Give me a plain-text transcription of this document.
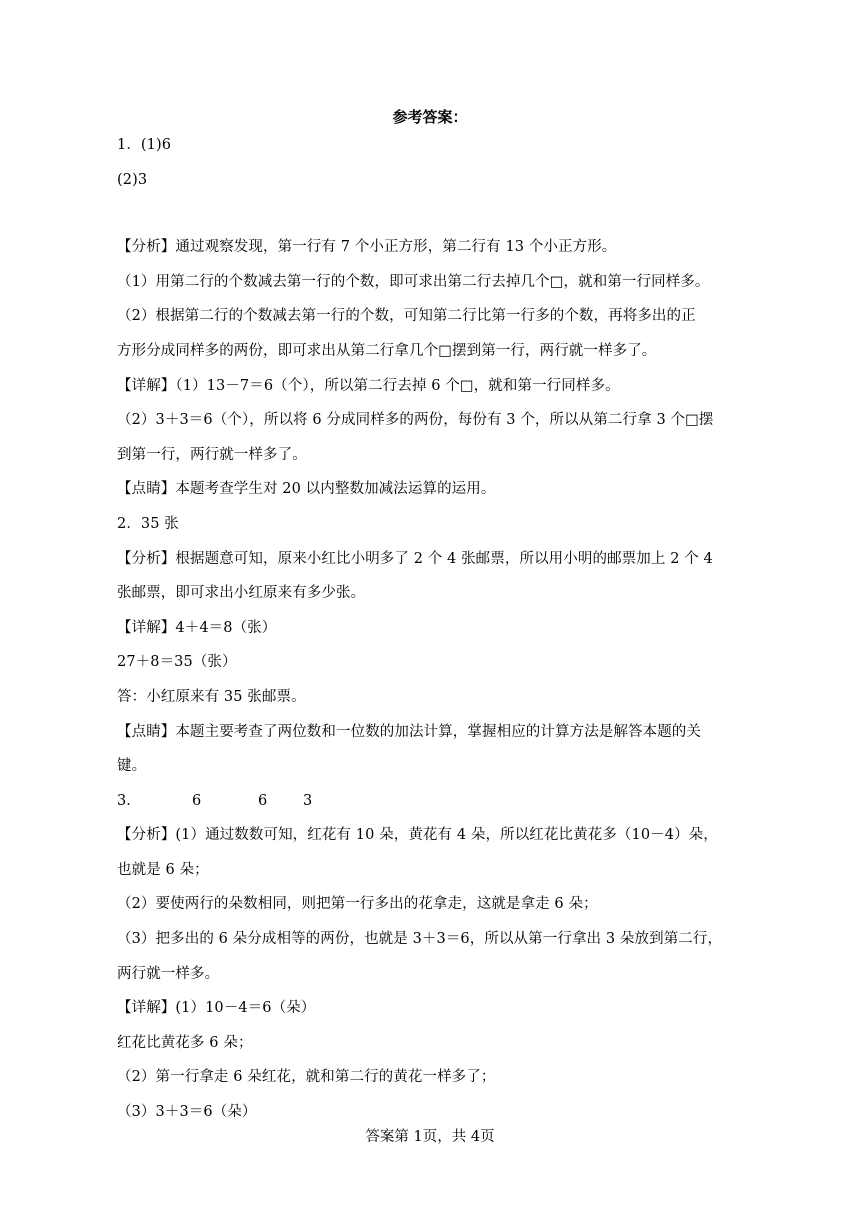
参考答案：

1．(1)6

(2)3

【分析】通过观察发现，第一行有 7 个小正方形，第二行有 13 个小正方形。

（1）用第二行的个数减去第一行的个数，即可求出第二行去掉几个□，就和第一行同样多。

（2）根据第二行的个数减去第一行的个数，可知第二行比第一行多的个数，再将多出的正

方形分成同样多的两份，即可求出从第二行拿几个□摆到第一行，两行就一样多了。

【详解】（1）13－7＝6（个），所以第二行去掉 6 个□，就和第一行同样多。

（2）3＋3＝6（个），所以将 6 分成同样多的两份，每份有 3 个，所以从第二行拿 3 个□摆

到第一行，两行就一样多了。

【点睛】本题考查学生对 20 以内整数加减法运算的运用。

2．35 张

【分析】根据题意可知，原来小红比小明多了 2 个 4 张邮票，所以用小明的邮票加上 2 个 4

张邮票，即可求出小红原来有多少张。

【详解】4＋4＝8（张）

27＋8＝35（张）

答：小红原来有 35 张邮票。

【点睛】本题主要考查了两位数和一位数的加法计算，掌握相应的计算方法是解答本题的关

键。

3．	6	6	3

【分析】(1）通过数数可知，红花有 10 朵，黄花有 4 朵，所以红花比黄花多（10－4）朵，

也就是 6 朵；

（2）要使两行的朵数相同，则把第一行多出的花拿走，这就是拿走 6 朵；

（3）把多出的 6 朵分成相等的两份，也就是 3＋3＝6，所以从第一行拿出 3 朵放到第二行，

两行就一样多。

【详解】(1）10－4＝6（朵）

红花比黄花多 6 朵；

（2）第一行拿走 6 朵红花，就和第二行的黄花一样多了；

（3）3＋3＝6（朵）

答案第 1页，共 4页
